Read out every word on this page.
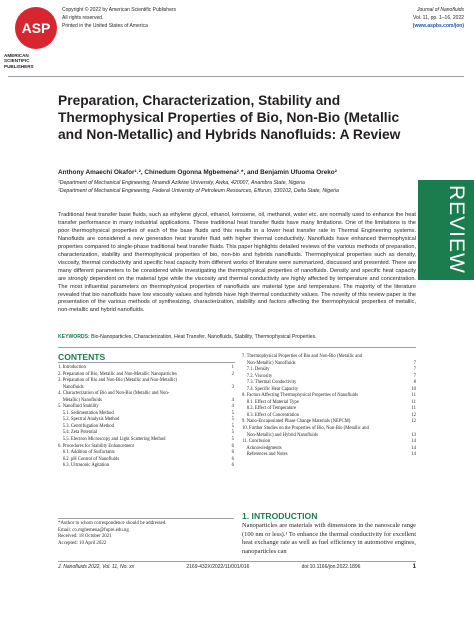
ASP
AMERICAN
SCIENTIFIC
PUBLISHERS
Copyright © 2022 by American Scientific Publishers
All rights reserved.
Printed in the United States of America
Journal of Nanofluids
Vol. 11, pp. 1–16, 2022
(www.aspbs.com/jon)
REVIEW
Preparation, Characterization, Stability and Thermophysical Properties of Bio, Non-Bio (Metallic and Non-Metallic) and Hybrids Nanofluids: A Review
Anthony Amaechi Okafor¹˒², Chinedum Ogonna Mgbemena²˒*, and Benjamin Ufuoma Oreko²
¹Department of Mechanical Engineering, Nnamdi Azikiwe University, Awka, 420007, Anambra State, Nigeria
²Department of Mechanical Engineering, Federal University of Petroleum Resources, Effurun, 330102, Delta State, Nigeria
Traditional heat transfer base fluids, such as ethylene glycol, ethanol, kerosene, oil, methanol, water etc. are normally used to enhance the heat transfer performance in many industrial applications. These traditional heat transfer fluids have many limitations. One of the limitations is the poor thermophysical properties of each of the base fluids and this results in a lower heat transfer rate in Thermal Engineering systems. Nanofluids are considered a new generation heat transfer fluid with higher thermal conductivity. Nanofluids have enhanced thermophysical properties compared to single-phase traditional heat transfer fluids. This paper highlights detailed reviews of the various methods of preparation, characterization, stability and thermophysical properties of bio, non-bio and hybrids nanofluids. Thermophysical properties such as density, viscosity, thermal conductivity and specific heat capacity from different works of literature were summarized, discussed and presented. There are many different parameters to be considered while investigating the thermophysical properties of nanofluids. Density and specific heat capacity are strongly dependent on the material type while the viscosity and thermal conductivity are highly affected by temperature and concentration. The most influential parameters on thermophysical properties of nanofluids are material type and temperature. The majority of the literature revealed that bio nanofluids have low viscosity values and hybrids have high thermal conductivity values. The novelty of this review paper is the presentation of the various methods of synthesizing, characterization, stability and factors affecting the thermophysical properties of metallic, non-metallic and hybrid nanofluids.
KEYWORDS: Bio-Nanoparticles, Characterization, Heat Transfer, Nanofluids, Stability, Thermophysical Properties.
CONTENTS
1. Introduction	1
2. Preparation of Bio, Metallic and Non-Metallic Nanoparticles	2
3. Preparation of Bio and Non-Bio (Metallic and Non-Metallic)
Nanofluids	3
4. Characterization of Bio and Non-Bio (Metallic and Non-
Metallic) Nanofluids	4
5. Nanofluid Stability	4
5.1. Sedimentation Method	5
5.2. Spectral Analysis Method	5
5.3. Centrifugation Method	5
5.4. Zeta Potential	5
5.5. Electron Microscopy and Light Scattering Method	5
6. Procedures for Stability Enhancement	6
6.1. Addition of Surfactants	6
6.2. pH Control of Nanofluids	6
6.3. Ultrasonic Agitation	6
7. Thermophysical Properties of Bio and Non-Bio (Metallic and
Non-Metallic) Nanofluids	7
7.1. Density	7
7.2. Viscosity	7
7.3. Thermal Conductivity	8
7.4. Specific Heat Capacity	10
8. Factors Affecting Thermophysical Properties of Nanofluids	11
8.1. Effect of Material Type	11
8.2. Effect of Temperature	11
8.3. Effect of Concentration	12
9. Nano-Encapsulated Phase Change Materials (NEPCM)	12
10. Further Studies on the Properties of Bio, Non-Bio (Metallic and
Non-Metallic) and Hybrid Nanofluids	13
11. Conclusion	14
Acknowledgments	14
References and Notes	14
*Author to whom correspondence should be addressed.
Email: co.mgbemena@fupre.edu.ng
Received: 18 October 2021
Accepted: 10 April 2022
1. INTRODUCTION
Nanoparticles are materials with dimensions in the nanoscale range (100 nm or less).¹ To enhance the thermal conductivity for excellent heat exchange rate as well as fuel efficiency in automotive engines, nanoparticles can
J. Nanofluids 2022, Vol. 11, No. xx	2169-432X/2022/11/001/016	doi:10.1166/jon.2022.1896	1
